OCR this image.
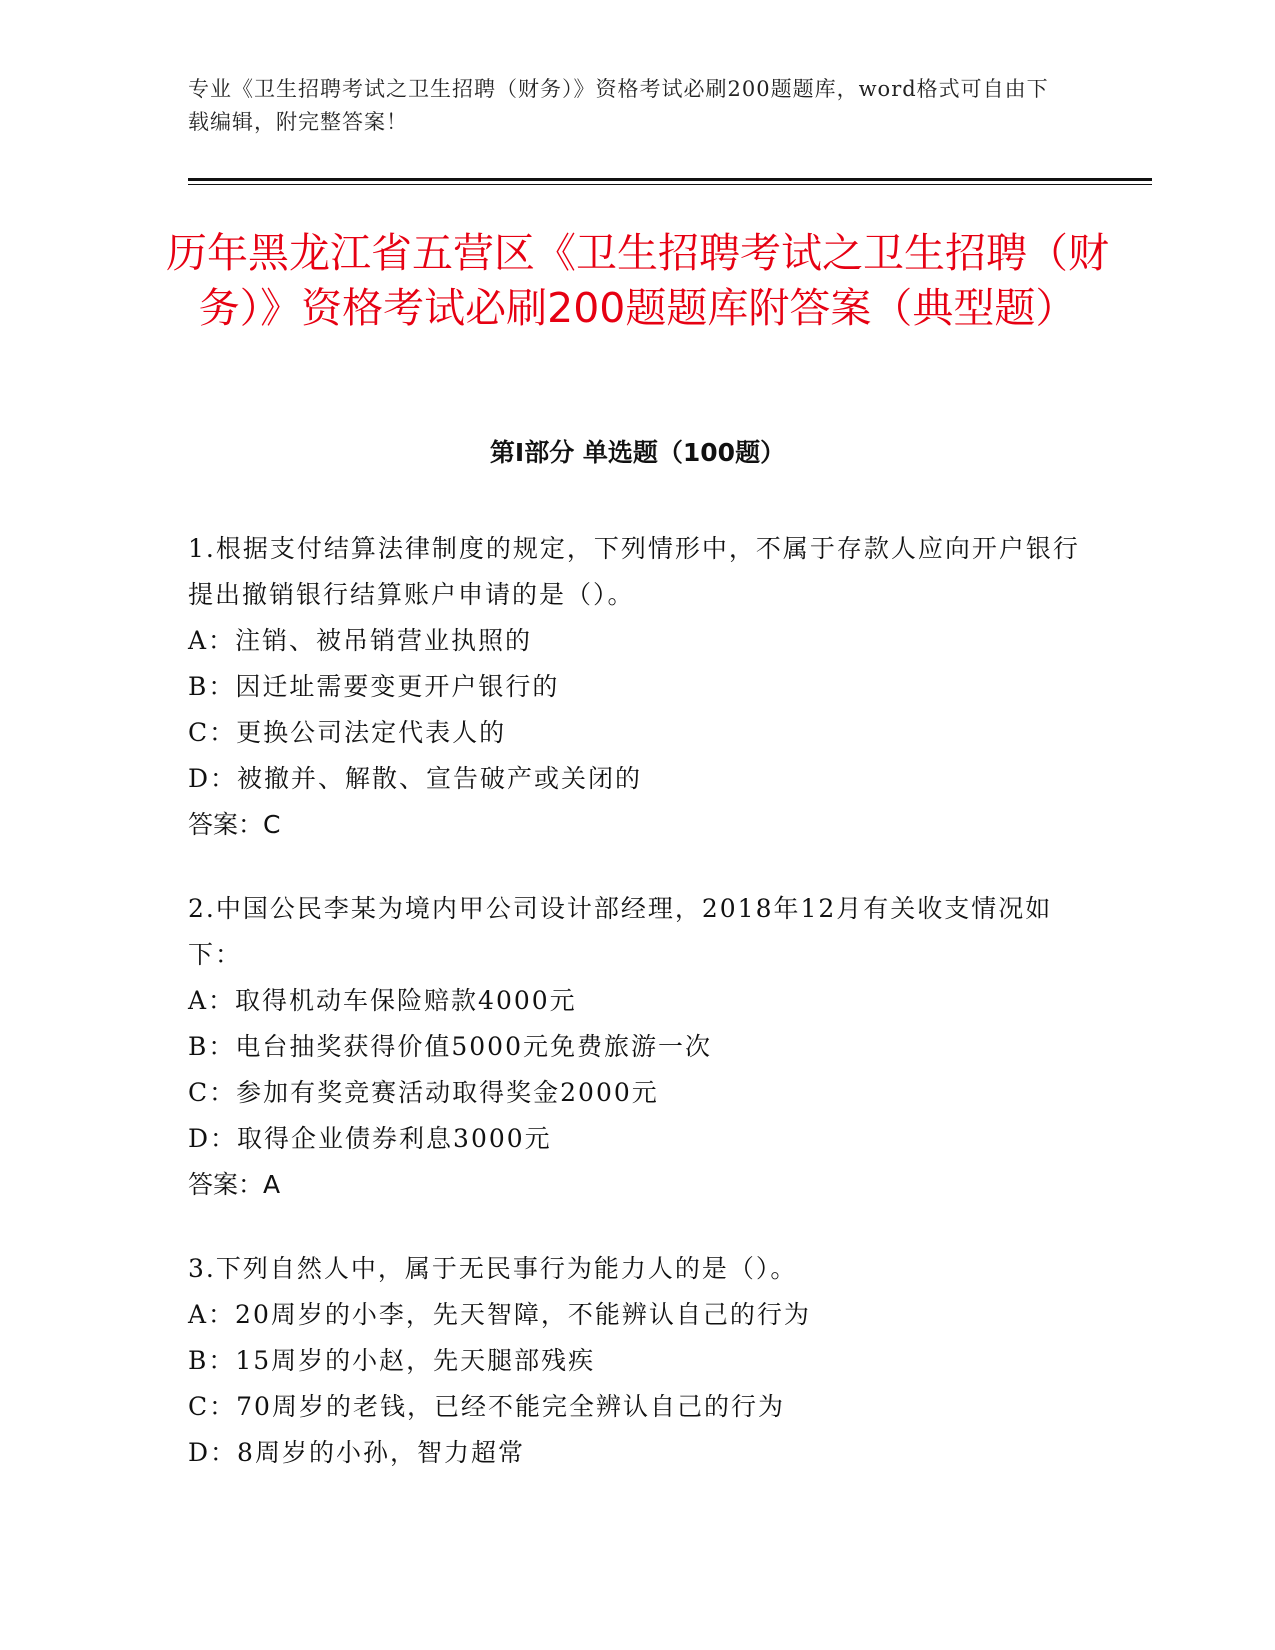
专业《卫生招聘考试之卫生招聘（财务）》资格考试必刷200题题库，word格式可自由下载编辑，附完整答案！
历年黑龙江省五营区《卫生招聘考试之卫生招聘（财务）》资格考试必刷200题题库附答案（典型题）
第Ⅰ部分 单选题（100题）

1.根据支付结算法律制度的规定，下列情形中，不属于存款人应向开户银行提出撤销银行结算账户申请的是（）。

A：注销、被吊销营业执照的

B：因迁址需要变更开户银行的

C：更换公司法定代表人的

D：被撤并、解散、宣告破产或关闭的

答案：C

2.中国公民李某为境内甲公司设计部经理，2018年12月有关收支情况如下：

A：取得机动车保险赔款4000元

B：电台抽奖获得价值5000元免费旅游一次

C：参加有奖竞赛活动取得奖金2000元

D：取得企业债券利息3000元

答案：A

3.下列自然人中，属于无民事行为能力人的是（）。

A：20周岁的小李，先天智障，不能辨认自己的行为

B：15周岁的小赵，先天腿部残疾

C：70周岁的老钱，已经不能完全辨认自己的行为

D：8周岁的小孙，智力超常
